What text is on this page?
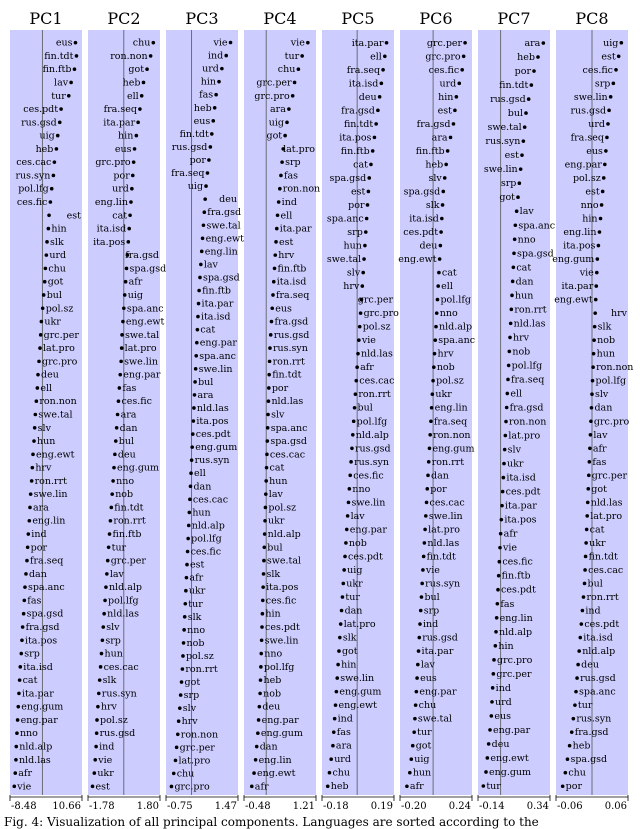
PC1
-8.48 10.66
eus
fin.tdt
fin.ftb
lav
tur
ces.pdt
rus.gsd
uig
heb
ces.cac
rus.syn
pol.lfg
ces.fic
est
hin
slk
urd
chu
got
bul
pol.sz
ukr
grc.per
lat.pro
grc.pro
deu
ell
ron.non
swe.tal
slv
hun
eng.ewt
hrv
ron.rrt
swe.lin
ara
eng.lin
ind
por
fra.seq
dan
spa.anc
fas
spa.gsd
fra.gsd
ita.pos
srp
ita.isd
cat
ita.par
eng.gum
eng.par
nno
nld.alp
nld.las
afr
vie
PC2
-1.78 1.80
chu
ron.non
got
heb
ell
fra.seq
ita.par
hin
eus
grc.pro
por
urd
eng.lin
cat
ita.isd
ita.pos
fra.gsd
spa.gsd
afr
uig
spa.anc
eng.ewt
swe.tal
lat.pro
swe.lin
eng.par
fas
ces.fic
ara
dan
bul
deu
eng.gum
nno
nob
fin.tdt
ron.rrt
fin.ftb
tur
grc.per
lav
nld.alp
pol.lfg
nld.las
slv
srp
hun
ces.cac
slk
rus.syn
hrv
pol.sz
rus.gsd
ind
vie
ukr
est
PC3
-0.75 1.47
vie
ind
urd
hin
fas
heb
eus
fin.tdt
rus.gsd
por
fra.seq
uig
deu
fra.gsd
swe.tal
eng.ewt
eng.lin
lav
spa.gsd
fin.ftb
ita.par
ita.isd
cat
eng.par
spa.anc
swe.lin
bul
ara
nld.las
ita.pos
ces.pdt
eng.gum
rus.syn
ell
dan
ces.cac
hun
nld.alp
pol.lfg
ces.fic
est
afr
ukr
tur
slk
nno
nob
pol.sz
ron.rrt
got
srp
slv
hrv
ron.non
grc.per
lat.pro
chu
grc.pro
PC4
-0.48 1.21
vie
tur
chu
grc.per
grc.pro
ara
uig
got
lat.pro
srp
fas
ron.non
ind
ell
ita.par
est
hrv
fin.ftb
ita.isd
fra.seq
eus
fra.gsd
rus.gsd
rus.syn
ron.rrt
fin.tdt
por
nld.las
slv
spa.anc
spa.gsd
ces.cac
cat
hun
lav
pol.sz
ukr
nld.alp
bul
swe.tal
slk
ita.pos
ces.fic
hin
ces.pdt
swe.lin
nno
pol.lfg
heb
nob
deu
eng.par
eng.gum
dan
eng.lin
eng.ewt
afr
PC5
-0.18 0.19
ita.par
ell
fra.seq
ita.isd
deu
fra.gsd
fin.tdt
ita.pos
fin.ftb
cat
spa.gsd
est
por
spa.anc
srp
hun
swe.tal
slv
hrv
grc.per
grc.pro
pol.sz
vie
nld.las
afr
ces.cac
ron.rrt
bul
pol.lfg
nld.alp
rus.gsd
rus.syn
ces.fic
nno
swe.lin
lav
eng.par
nob
ces.pdt
uig
ukr
tur
dan
lat.pro
slk
got
hin
swe.lin
eng.gum
eng.ewt
ind
fas
ara
urd
chu
heb
PC6
-0.20 0.24
grc.per
grc.pro
ces.fic
urd
hin
est
fra.gsd
ara
fin.ftb
heb
slv
spa.gsd
slk
ita.isd
ces.pdt
deu
eng.ewt
cat
ell
pol.lfg
nno
nld.alp
spa.anc
hrv
nob
pol.sz
ukr
eng.lin
fra.seq
ron.non
eng.gum
ron.rrt
dan
por
ces.cac
swe.lin
lat.pro
nld.las
fin.tdt
vie
rus.syn
bul
srp
ind
rus.gsd
ita.par
lav
eus
eng.par
chu
swe.tal
tur
got
uig
hun
afr
PC7
-0.14 0.34
ara
heb
por
fin.tdt
rus.gsd
bul
swe.tal
rus.syn
est
swe.lin
srp
got
lav
spa.anc
nno
spa.gsd
cat
dan
hun
ron.rrt
nld.las
hrv
nob
pol.lfg
fra.seq
ell
fra.gsd
ron.non
lat.pro
slv
ukr
ita.isd
ces.pdt
ita.par
ita.pos
afr
vie
ces.fic
fin.ftb
ces.pdt
fas
eng.lin
nld.alp
hin
grc.pro
grc.per
ind
urd
eus
eng.par
deu
eng.ewt
eng.gum
tur
PC8
-0.06 0.06
uig
est
ces.fic
srp
swe.lin
rus.gsd
urd
fra.seq
eus
eng.par
pol.sz
est
nno
hin
eng.lin
ita.pos
eng.gum
vie
ita.par
eng.ewt
hrv
slk
nob
hun
ron.non
pol.lfg
slv
dan
grc.pro
lav
afr
fas
grc.per
got
nld.las
lat.pro
cat
ukr
fin.tdt
ces.cac
bul
ron.rrt
ind
ces.pdt
ita.isd
nld.alp
deu
rus.gsd
spa.anc
tur
rus.syn
fra.gsd
heb
spa.gsd
chu
por
Fig. 4: Visualization of all principal components. Languages are sorted according to the
